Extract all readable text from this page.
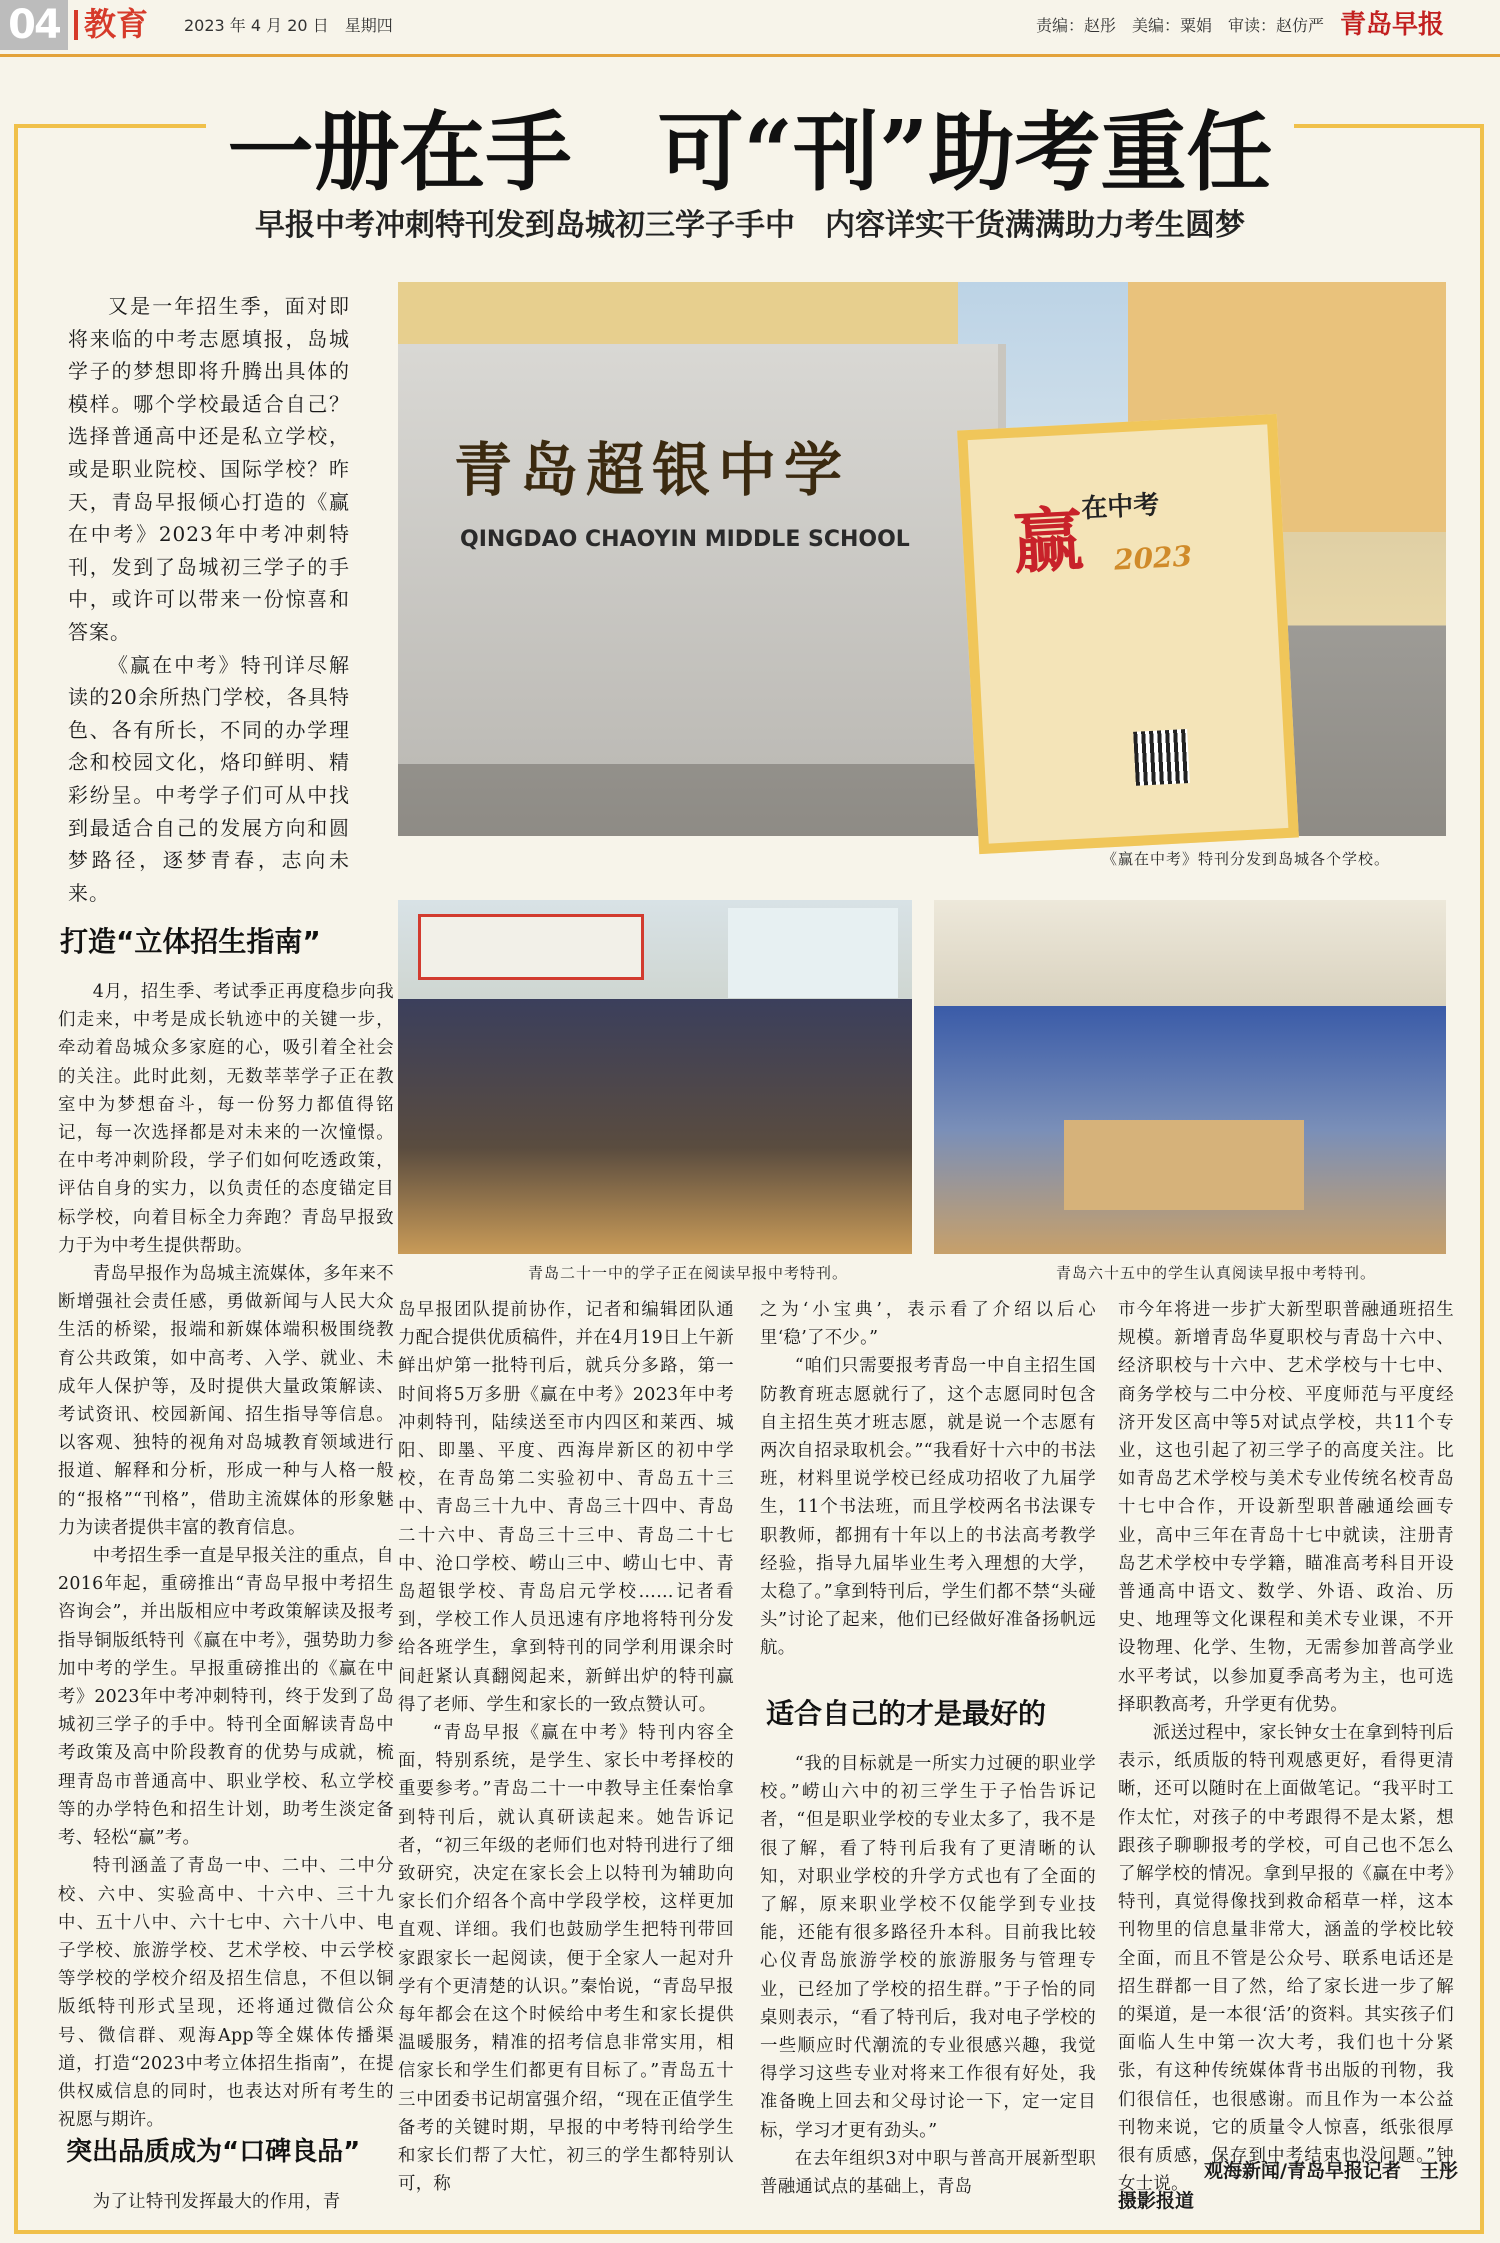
04 教育 2023 年 4 月 20 日　星期四	责编：赵彤　美编：粟娟　审读：赵仿严 青岛早报
一册在手　可“刊”助考重任
早报中考冲刺特刊发到岛城初三学子手中　内容详实干货满满助力考生圆梦

又是一年招生季，面对即将来临的中考志愿填报，岛城学子的梦想即将升腾出具体的模样。哪个学校最适合自己？选择普通高中还是私立学校，或是职业院校、国际学校？昨天，青岛早报倾心打造的《赢在中考》2023年中考冲刺特刊，发到了岛城初三学子的手中，或许可以带来一份惊喜和答案。

《赢在中考》特刊详尽解读的20余所热门学校，各具特色、各有所长，不同的办学理念和校园文化，烙印鲜明、精彩纷呈。中考学子们可从中找到最适合自己的发展方向和圆梦路径，逐梦青春，志向未来。

青岛超银中学
QINGDAO CHAOYIN MIDDLE SCHOOL
在中考
赢 2023
《赢在中考》特刊分发到岛城各个学校。
青岛二十一中的学子正在阅读早报中考特刊。	青岛六十五中的学生认真阅读早报中考特刊。
打造“立体招生指南”

4月，招生季、考试季正再度稳步向我们走来，中考是成长轨迹中的关键一步，牵动着岛城众多家庭的心，吸引着全社会的关注。此时此刻，无数莘莘学子正在教室中为梦想奋斗，每一份努力都值得铭记，每一次选择都是对未来的一次憧憬。在中考冲刺阶段，学子们如何吃透政策，评估自身的实力，以负责任的态度锚定目标学校，向着目标全力奔跑？青岛早报致力于为中考生提供帮助。

青岛早报作为岛城主流媒体，多年来不断增强社会责任感，勇做新闻与人民大众生活的桥梁，报端和新媒体端积极围绕教育公共政策，如中高考、入学、就业、未成年人保护等，及时提供大量政策解读、考试资讯、校园新闻、招生指导等信息。以客观、独特的视角对岛城教育领域进行报道、解释和分析，形成一种与人格一般的“报格”“刊格”，借助主流媒体的形象魅力为读者提供丰富的教育信息。

中考招生季一直是早报关注的重点，自2016年起，重磅推出“青岛早报中考招生咨询会”，并出版相应中考政策解读及报考指导铜版纸特刊《赢在中考》，强势助力参加中考的学生。早报重磅推出的《赢在中考》2023年中考冲刺特刊，终于发到了岛城初三学子的手中。特刊全面解读青岛中考政策及高中阶段教育的优势与成就，梳理青岛市普通高中、职业学校、私立学校等的办学特色和招生计划，助考生淡定备考、轻松“赢”考。

特刊涵盖了青岛一中、二中、二中分校、六中、实验高中、十六中、三十九中、五十八中、六十七中、六十八中、电子学校、旅游学校、艺术学校、中云学校等学校的学校介绍及招生信息，不但以铜版纸特刊形式呈现，还将通过微信公众号、微信群、观海App等全媒体传播渠道，打造“2023中考立体招生指南”，在提供权威信息的同时，也表达对所有考生的祝愿与期许。

突出品质成为“口碑良品”

为了让特刊发挥最大的作用，青

岛早报团队提前协作，记者和编辑团队通力配合提供优质稿件，并在4月19日上午新鲜出炉第一批特刊后，就兵分多路，第一时间将5万多册《赢在中考》2023年中考冲刺特刊，陆续送至市内四区和莱西、城阳、即墨、平度、西海岸新区的初中学校，在青岛第二实验初中、青岛五十三中、青岛三十九中、青岛三十四中、青岛二十六中、青岛三十三中、青岛二十七中、沧口学校、崂山三中、崂山七中、青岛超银学校、青岛启元学校……记者看到，学校工作人员迅速有序地将特刊分发给各班学生，拿到特刊的同学利用课余时间赶紧认真翻阅起来，新鲜出炉的特刊赢得了老师、学生和家长的一致点赞认可。

“青岛早报《赢在中考》特刊内容全面，特别系统，是学生、家长中考择校的重要参考。”青岛二十一中教导主任秦怡拿到特刊后，就认真研读起来。她告诉记者，“初三年级的老师们也对特刊进行了细致研究，决定在家长会上以特刊为辅助向家长们介绍各个高中学段学校，这样更加直观、详细。我们也鼓励学生把特刊带回家跟家长一起阅读，便于全家人一起对升学有个更清楚的认识。”秦怡说，“青岛早报每年都会在这个时候给中考生和家长提供温暖服务，精准的招考信息非常实用，相信家长和学生们都更有目标了。”青岛五十三中团委书记胡富强介绍，“现在正值学生备考的关键时期，早报的中考特刊给学生和家长们帮了大忙，初三的学生都特别认可，称

之为‘小宝典’，表示看了介绍以后心里‘稳’了不少。”

“咱们只需要报考青岛一中自主招生国防教育班志愿就行了，这个志愿同时包含自主招生英才班志愿，就是说一个志愿有两次自招录取机会。”“我看好十六中的书法班，材料里说学校已经成功招收了九届学生，11个书法班，而且学校两名书法课专职教师，都拥有十年以上的书法高考教学经验，指导九届毕业生考入理想的大学，太稳了。”拿到特刊后，学生们都不禁“头碰头”讨论了起来，他们已经做好准备扬帆远航。

适合自己的才是最好的

“我的目标就是一所实力过硬的职业学校。”崂山六中的初三学生于子怡告诉记者，“但是职业学校的专业太多了，我不是很了解，看了特刊后我有了更清晰的认知，对职业学校的升学方式也有了全面的了解，原来职业学校不仅能学到专业技能，还能有很多路径升本科。目前我比较心仪青岛旅游学校的旅游服务与管理专业，已经加了学校的招生群。”于子怡的同桌则表示，“看了特刊后，我对电子学校的一些顺应时代潮流的专业很感兴趣，我觉得学习这些专业对将来工作很有好处，我准备晚上回去和父母讨论一下，定一定目标，学习才更有劲头。”

在去年组织3对中职与普高开展新型职普融通试点的基础上，青岛

市今年将进一步扩大新型职普融通班招生规模。新增青岛华夏职校与青岛十六中、经济职校与十六中、艺术学校与十七中、商务学校与二中分校、平度师范与平度经济开发区高中等5对试点学校，共11个专业，这也引起了初三学子的高度关注。比如青岛艺术学校与美术专业传统名校青岛十七中合作，开设新型职普融通绘画专业，高中三年在青岛十七中就读，注册青岛艺术学校中专学籍，瞄准高考科目开设普通高中语文、数学、外语、政治、历史、地理等文化课程和美术专业课，不开设物理、化学、生物，无需参加普高学业水平考试，以参加夏季高考为主，也可选择职教高考，升学更有优势。

派送过程中，家长钟女士在拿到特刊后表示，纸质版的特刊观感更好，看得更清晰，还可以随时在上面做笔记。“我平时工作太忙，对孩子的中考跟得不是太紧，想跟孩子聊聊报考的学校，可自己也不怎么了解学校的情况。拿到早报的《赢在中考》特刊，真觉得像找到救命稻草一样，这本刊物里的信息量非常大，涵盖的学校比较全面，而且不管是公众号、联系电话还是招生群都一目了然，给了家长进一步了解的渠道，是一本很‘活’的资料。其实孩子们面临人生中第一次大考，我们也十分紧张，有这种传统媒体背书出版的刊物，我们很信任，也很感谢。而且作为一本公益刊物来说，它的质量令人惊喜，纸张很厚很有质感，保存到中考结束也没问题。”钟女士说。

观海新闻/青岛早报记者　王彤
摄影报道
